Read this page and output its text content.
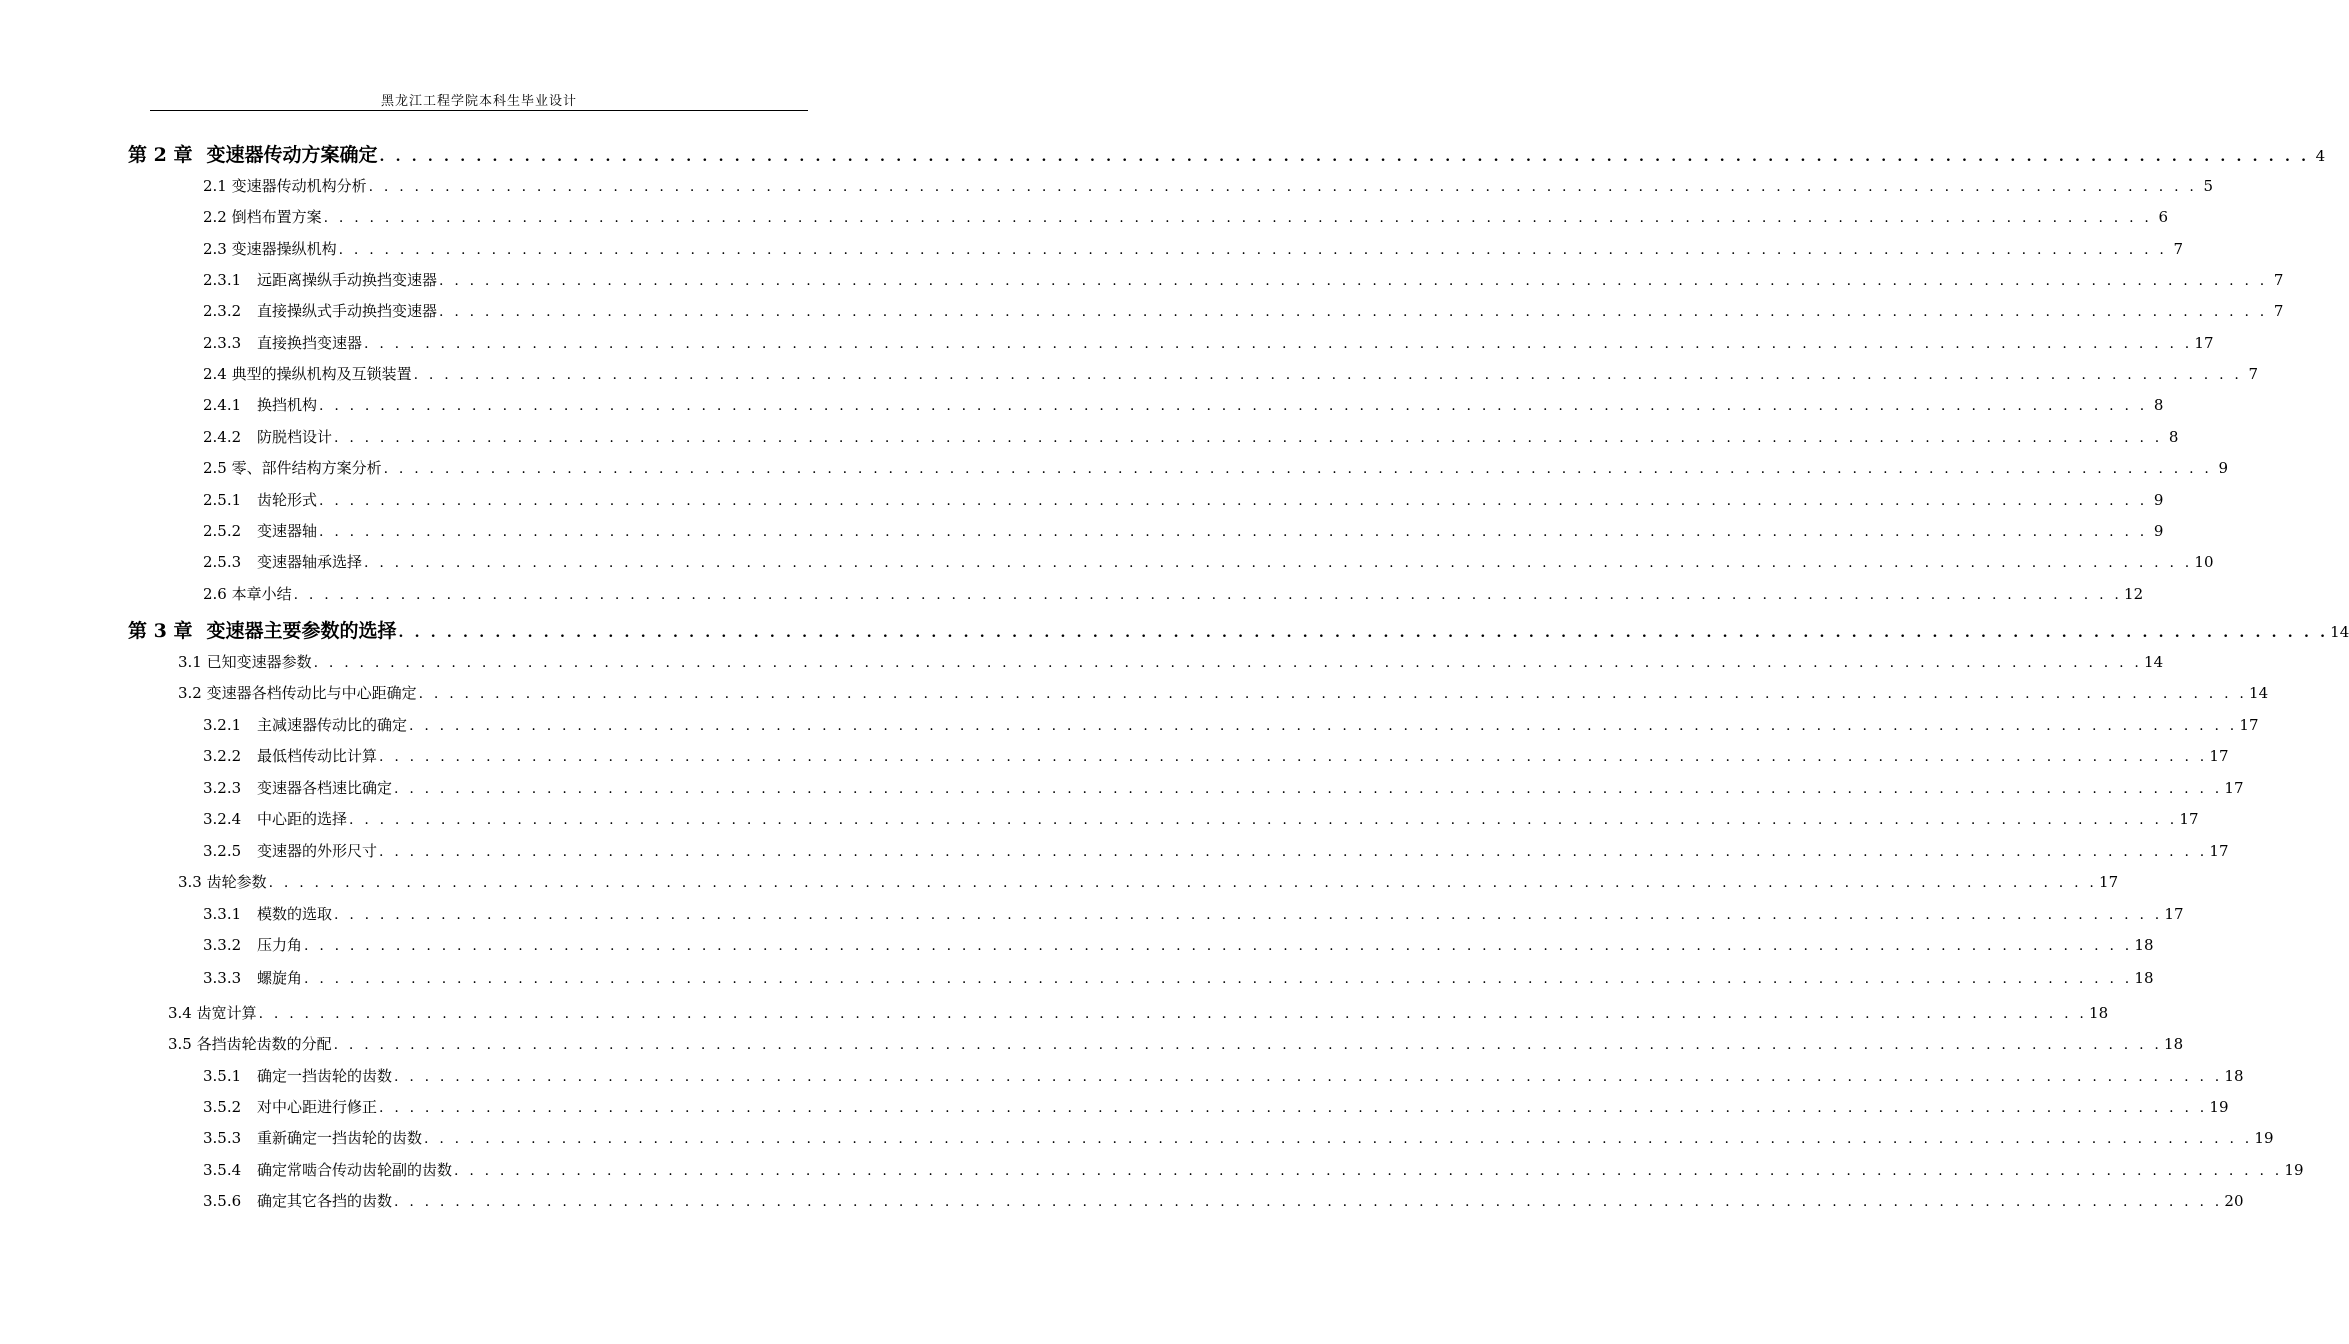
黑龙江工程学院本科生毕业设计
第 2 章 变速器传动方案确定 . . . . . . . . . . . . . . . . . . . . . . . . . . . . . . . . . . . . . . . . . . . . . . . . . . . . . . . . . . . . . . . . . . . . . . . . . . . . . . . . . . . . . . . . . . . . . . . . . . . . . . . . . . . . . . . . . . . . . . . . 4
2.1 变速器传动机构分析 . . . . . . . . . . . . . . . . . . . . . . . . . . . . . . . . . . . . . . . . . . . . . . . . . . . . . . . . . . . . . . . . . . . . . . . . . . . . . . . . . . . . . . . . . . . . . . . . . . . . . . . . . . . . . . . . . . . . . . . . 5
2.2 倒档布置方案 . . . . . . . . . . . . . . . . . . . . . . . . . . . . . . . . . . . . . . . . . . . . . . . . . . . . . . . . . . . . . . . . . . . . . . . . . . . . . . . . . . . . . . . . . . . . . . . . . . . . . . . . . . . . . . . . . . . . . . . . 6
2.3 变速器操纵机构 . . . . . . . . . . . . . . . . . . . . . . . . . . . . . . . . . . . . . . . . . . . . . . . . . . . . . . . . . . . . . . . . . . . . . . . . . . . . . . . . . . . . . . . . . . . . . . . . . . . . . . . . . . . . . . . . . . . . . . . . 7
2.3.1 远距离操纵手动换挡变速器 . . . . . . . . . . . . . . . . . . . . . . . . . . . . . . . . . . . . . . . . . . . . . . . . . . . . . . . . . . . . . . . . . . . . . . . . . . . . . . . . . . . . . . . . . . . . . . . . . . . . . . . . . . . . . . . . . . . . . . . . 7
2.3.2 直接操纵式手动换挡变速器 . . . . . . . . . . . . . . . . . . . . . . . . . . . . . . . . . . . . . . . . . . . . . . . . . . . . . . . . . . . . . . . . . . . . . . . . . . . . . . . . . . . . . . . . . . . . . . . . . . . . . . . . . . . . . . . . . . . . . . . . 7
2.3.3 直接换挡变速器 . . . . . . . . . . . . . . . . . . . . . . . . . . . . . . . . . . . . . . . . . . . . . . . . . . . . . . . . . . . . . . . . . . . . . . . . . . . . . . . . . . . . . . . . . . . . . . . . . . . . . . . . . . . . . . . . . . . . . . . . 17
2.4 典型的操纵机构及互锁装置 . . . . . . . . . . . . . . . . . . . . . . . . . . . . . . . . . . . . . . . . . . . . . . . . . . . . . . . . . . . . . . . . . . . . . . . . . . . . . . . . . . . . . . . . . . . . . . . . . . . . . . . . . . . . . . . . . . . . . . . . 7
2.4.1 换挡机构 . . . . . . . . . . . . . . . . . . . . . . . . . . . . . . . . . . . . . . . . . . . . . . . . . . . . . . . . . . . . . . . . . . . . . . . . . . . . . . . . . . . . . . . . . . . . . . . . . . . . . . . . . . . . . . . . . . . . . . . . 8
2.4.2 防脱档设计 . . . . . . . . . . . . . . . . . . . . . . . . . . . . . . . . . . . . . . . . . . . . . . . . . . . . . . . . . . . . . . . . . . . . . . . . . . . . . . . . . . . . . . . . . . . . . . . . . . . . . . . . . . . . . . . . . . . . . . . . 8
2.5 零、部件结构方案分析 . . . . . . . . . . . . . . . . . . . . . . . . . . . . . . . . . . . . . . . . . . . . . . . . . . . . . . . . . . . . . . . . . . . . . . . . . . . . . . . . . . . . . . . . . . . . . . . . . . . . . . . . . . . . . . . . . . . . . . . . 9
2.5.1 齿轮形式 . . . . . . . . . . . . . . . . . . . . . . . . . . . . . . . . . . . . . . . . . . . . . . . . . . . . . . . . . . . . . . . . . . . . . . . . . . . . . . . . . . . . . . . . . . . . . . . . . . . . . . . . . . . . . . . . . . . . . . . . 9
2.5.2 变速器轴 . . . . . . . . . . . . . . . . . . . . . . . . . . . . . . . . . . . . . . . . . . . . . . . . . . . . . . . . . . . . . . . . . . . . . . . . . . . . . . . . . . . . . . . . . . . . . . . . . . . . . . . . . . . . . . . . . . . . . . . . 9
2.5.3 变速器轴承选择 . . . . . . . . . . . . . . . . . . . . . . . . . . . . . . . . . . . . . . . . . . . . . . . . . . . . . . . . . . . . . . . . . . . . . . . . . . . . . . . . . . . . . . . . . . . . . . . . . . . . . . . . . . . . . . . . . . . . . . . . 10
2.6 本章小结 . . . . . . . . . . . . . . . . . . . . . . . . . . . . . . . . . . . . . . . . . . . . . . . . . . . . . . . . . . . . . . . . . . . . . . . . . . . . . . . . . . . . . . . . . . . . . . . . . . . . . . . . . . . . . . . . . . . . . . . . 12
第 3 章 变速器主要参数的选择 . . . . . . . . . . . . . . . . . . . . . . . . . . . . . . . . . . . . . . . . . . . . . . . . . . . . . . . . . . . . . . . . . . . . . . . . . . . . . . . . . . . . . . . . . . . . . . . . . . . . . . . . . . . . . . . . . . . . . . . . 14
3.1 已知变速器参数 . . . . . . . . . . . . . . . . . . . . . . . . . . . . . . . . . . . . . . . . . . . . . . . . . . . . . . . . . . . . . . . . . . . . . . . . . . . . . . . . . . . . . . . . . . . . . . . . . . . . . . . . . . . . . . . . . . . . . . . . 14
3.2 变速器各档传动比与中心距确定 . . . . . . . . . . . . . . . . . . . . . . . . . . . . . . . . . . . . . . . . . . . . . . . . . . . . . . . . . . . . . . . . . . . . . . . . . . . . . . . . . . . . . . . . . . . . . . . . . . . . . . . . . . . . . . . . . . . . . . . . 14
3.2.1 主减速器传动比的确定 . . . . . . . . . . . . . . . . . . . . . . . . . . . . . . . . . . . . . . . . . . . . . . . . . . . . . . . . . . . . . . . . . . . . . . . . . . . . . . . . . . . . . . . . . . . . . . . . . . . . . . . . . . . . . . . . . . . . . . . . 17
3.2.2 最低档传动比计算 . . . . . . . . . . . . . . . . . . . . . . . . . . . . . . . . . . . . . . . . . . . . . . . . . . . . . . . . . . . . . . . . . . . . . . . . . . . . . . . . . . . . . . . . . . . . . . . . . . . . . . . . . . . . . . . . . . . . . . . . 17
3.2.3 变速器各档速比确定 . . . . . . . . . . . . . . . . . . . . . . . . . . . . . . . . . . . . . . . . . . . . . . . . . . . . . . . . . . . . . . . . . . . . . . . . . . . . . . . . . . . . . . . . . . . . . . . . . . . . . . . . . . . . . . . . . . . . . . . . 17
3.2.4 中心距的选择 . . . . . . . . . . . . . . . . . . . . . . . . . . . . . . . . . . . . . . . . . . . . . . . . . . . . . . . . . . . . . . . . . . . . . . . . . . . . . . . . . . . . . . . . . . . . . . . . . . . . . . . . . . . . . . . . . . . . . . . . 17
3.2.5 变速器的外形尺寸 . . . . . . . . . . . . . . . . . . . . . . . . . . . . . . . . . . . . . . . . . . . . . . . . . . . . . . . . . . . . . . . . . . . . . . . . . . . . . . . . . . . . . . . . . . . . . . . . . . . . . . . . . . . . . . . . . . . . . . . . 17
3.3 齿轮参数 . . . . . . . . . . . . . . . . . . . . . . . . . . . . . . . . . . . . . . . . . . . . . . . . . . . . . . . . . . . . . . . . . . . . . . . . . . . . . . . . . . . . . . . . . . . . . . . . . . . . . . . . . . . . . . . . . . . . . . . . 17
3.3.1 模数的选取 . . . . . . . . . . . . . . . . . . . . . . . . . . . . . . . . . . . . . . . . . . . . . . . . . . . . . . . . . . . . . . . . . . . . . . . . . . . . . . . . . . . . . . . . . . . . . . . . . . . . . . . . . . . . . . . . . . . . . . . . 17
3.3.2 压力角 . . . . . . . . . . . . . . . . . . . . . . . . . . . . . . . . . . . . . . . . . . . . . . . . . . . . . . . . . . . . . . . . . . . . . . . . . . . . . . . . . . . . . . . . . . . . . . . . . . . . . . . . . . . . . . . . . . . . . . . . 18
3.3.3 螺旋角 . . . . . . . . . . . . . . . . . . . . . . . . . . . . . . . . . . . . . . . . . . . . . . . . . . . . . . . . . . . . . . . . . . . . . . . . . . . . . . . . . . . . . . . . . . . . . . . . . . . . . . . . . . . . . . . . . . . . . . . . 18
3.4 齿宽计算 . . . . . . . . . . . . . . . . . . . . . . . . . . . . . . . . . . . . . . . . . . . . . . . . . . . . . . . . . . . . . . . . . . . . . . . . . . . . . . . . . . . . . . . . . . . . . . . . . . . . . . . . . . . . . . . . . . . . . . . . 18
3.5 各挡齿轮齿数的分配 . . . . . . . . . . . . . . . . . . . . . . . . . . . . . . . . . . . . . . . . . . . . . . . . . . . . . . . . . . . . . . . . . . . . . . . . . . . . . . . . . . . . . . . . . . . . . . . . . . . . . . . . . . . . . . . . . . . . . . . . 18
3.5.1 确定一挡齿轮的齿数 . . . . . . . . . . . . . . . . . . . . . . . . . . . . . . . . . . . . . . . . . . . . . . . . . . . . . . . . . . . . . . . . . . . . . . . . . . . . . . . . . . . . . . . . . . . . . . . . . . . . . . . . . . . . . . . . . . . . . . . . 18
3.5.2 对中心距进行修正 . . . . . . . . . . . . . . . . . . . . . . . . . . . . . . . . . . . . . . . . . . . . . . . . . . . . . . . . . . . . . . . . . . . . . . . . . . . . . . . . . . . . . . . . . . . . . . . . . . . . . . . . . . . . . . . . . . . . . . . . 19
3.5.3 重新确定一挡齿轮的齿数 . . . . . . . . . . . . . . . . . . . . . . . . . . . . . . . . . . . . . . . . . . . . . . . . . . . . . . . . . . . . . . . . . . . . . . . . . . . . . . . . . . . . . . . . . . . . . . . . . . . . . . . . . . . . . . . . . . . . . . . . 19
3.5.4 确定常啮合传动齿轮副的齿数 . . . . . . . . . . . . . . . . . . . . . . . . . . . . . . . . . . . . . . . . . . . . . . . . . . . . . . . . . . . . . . . . . . . . . . . . . . . . . . . . . . . . . . . . . . . . . . . . . . . . . . . . . . . . . . . . . . . . . . . . 19
3.5.6 确定其它各挡的齿数 . . . . . . . . . . . . . . . . . . . . . . . . . . . . . . . . . . . . . . . . . . . . . . . . . . . . . . . . . . . . . . . . . . . . . . . . . . . . . . . . . . . . . . . . . . . . . . . . . . . . . . . . . . . . . . . . . . . . . . . . 20
